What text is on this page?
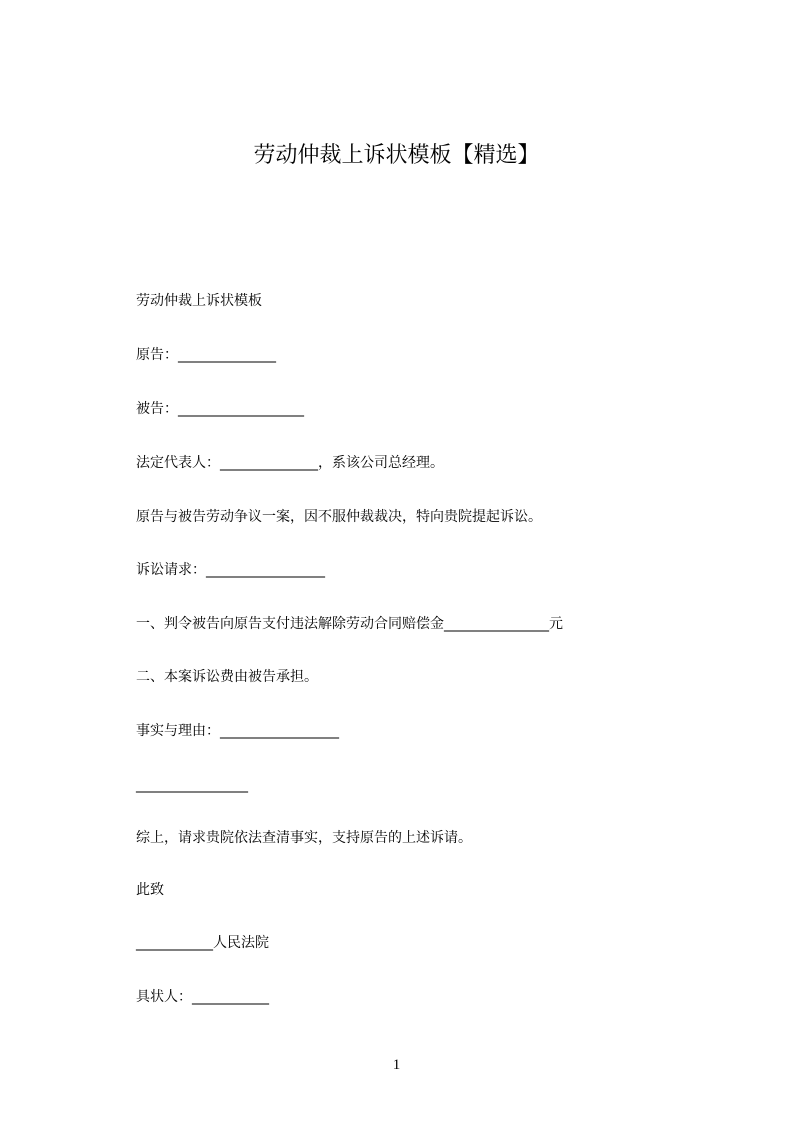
劳动仲裁上诉状模板【精选】
劳动仲裁上诉状模板
原告：______________
被告：__________________
法定代表人：______________，系该公司总经理。
原告与被告劳动争议一案，因不服仲裁裁决，特向贵院提起诉讼。
诉讼请求：_________________
一、判令被告向原告支付违法解除劳动合同赔偿金_______________元
二、本案诉讼费由被告承担。
事实与理由：_________________
________________
综上，请求贵院依法查清事实，支持原告的上述诉请。
此致
___________人民法院
具状人：___________
1
